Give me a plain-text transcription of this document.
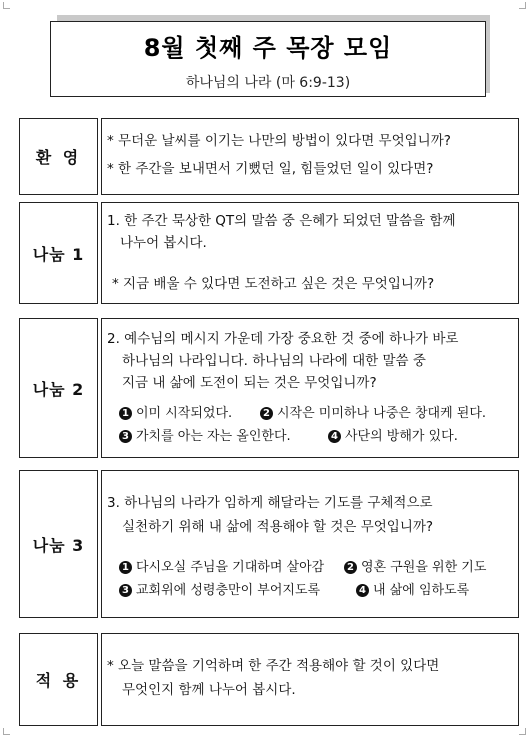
8월 첫째 주 목장 모임
하나님의 나라 (마 6:9-13)
환 영
* 무더운 날씨를 이기는 나만의 방법이 있다면 무엇입니까?
* 한 주간을 보내면서 기뻤던 일, 힘들었던 일이 있다면?
나눔 1
1. 한 주간 묵상한 QT의 말씀 중 은혜가 되었던 말씀을 함께
나누어 봅시다.
* 지금 배울 수 있다면 도전하고 싶은 것은 무엇입니까?
나눔 2
2. 예수님의 메시지 가운데 가장 중요한 것 중에 하나가 바로
하나님의 나라입니다. 하나님의 나라에 대한 말씀 중
지금 내 삶에 도전이 되는 것은 무엇입니까?
1 이미 시작되었다.	2 시작은 미미하나 나중은 창대케 된다.
3 가치를 아는 자는 올인한다.	4 사단의 방해가 있다.
나눔 3
3. 하나님의 나라가 임하게 해달라는 기도를 구체적으로
실천하기 위해 내 삶에 적용해야 할 것은 무엇입니까?
1 다시오실 주님을 기대하며 살아감	2 영혼 구원을 위한 기도
3 교회위에 성령충만이 부어지도록	4 내 삶에 임하도록
적 용
* 오늘 말씀을 기억하며 한 주간 적용해야 할 것이 있다면
무엇인지 함께 나누어 봅시다.
